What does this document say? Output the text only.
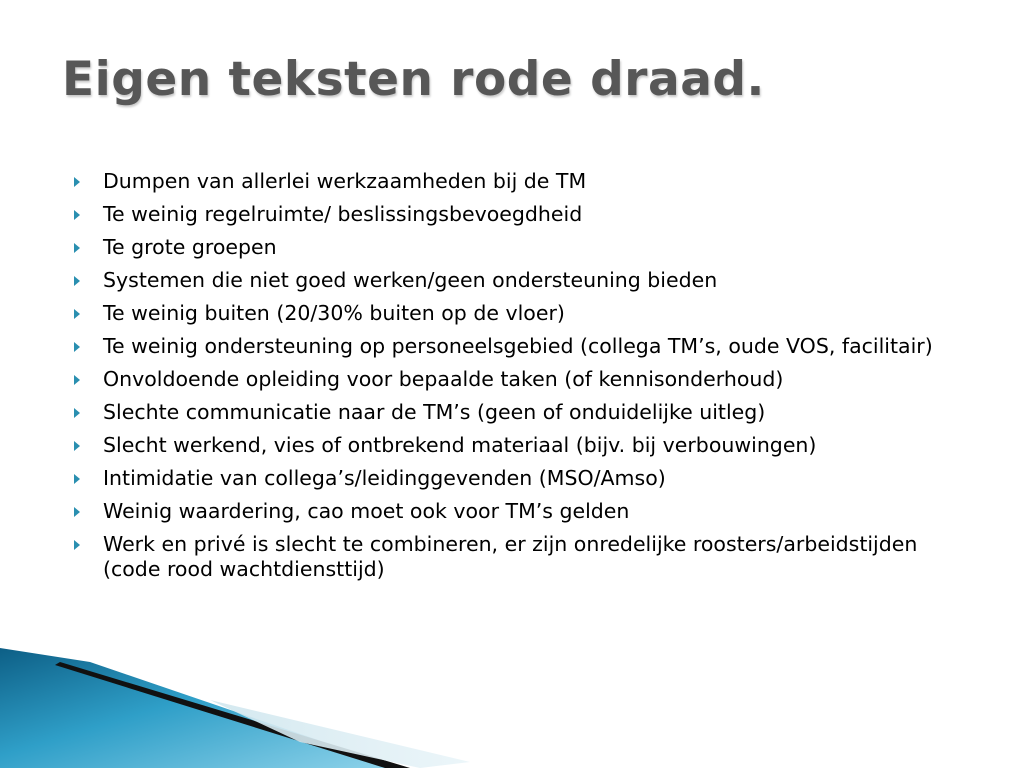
Eigen teksten rode draad.
Dumpen van allerlei werkzaamheden bij de TM
Te weinig regelruimte/ beslissingsbevoegdheid
Te grote groepen
Systemen die niet goed werken/geen ondersteuning bieden
Te weinig buiten (20/30% buiten op de vloer)
Te weinig ondersteuning op personeelsgebied (collega TM’s, oude VOS, facilitair)
Onvoldoende opleiding voor bepaalde taken (of kennisonderhoud)
Slechte communicatie naar de TM’s (geen of onduidelijke uitleg)
Slecht werkend, vies of ontbrekend materiaal (bijv. bij verbouwingen)
Intimidatie van collega’s/leidinggevenden (MSO/Amso)
Weinig waardering, cao moet ook voor TM’s gelden
Werk en privé is slecht te combineren, er zijn onredelijke roosters/arbeidstijden (code rood wachtdiensttijd)
